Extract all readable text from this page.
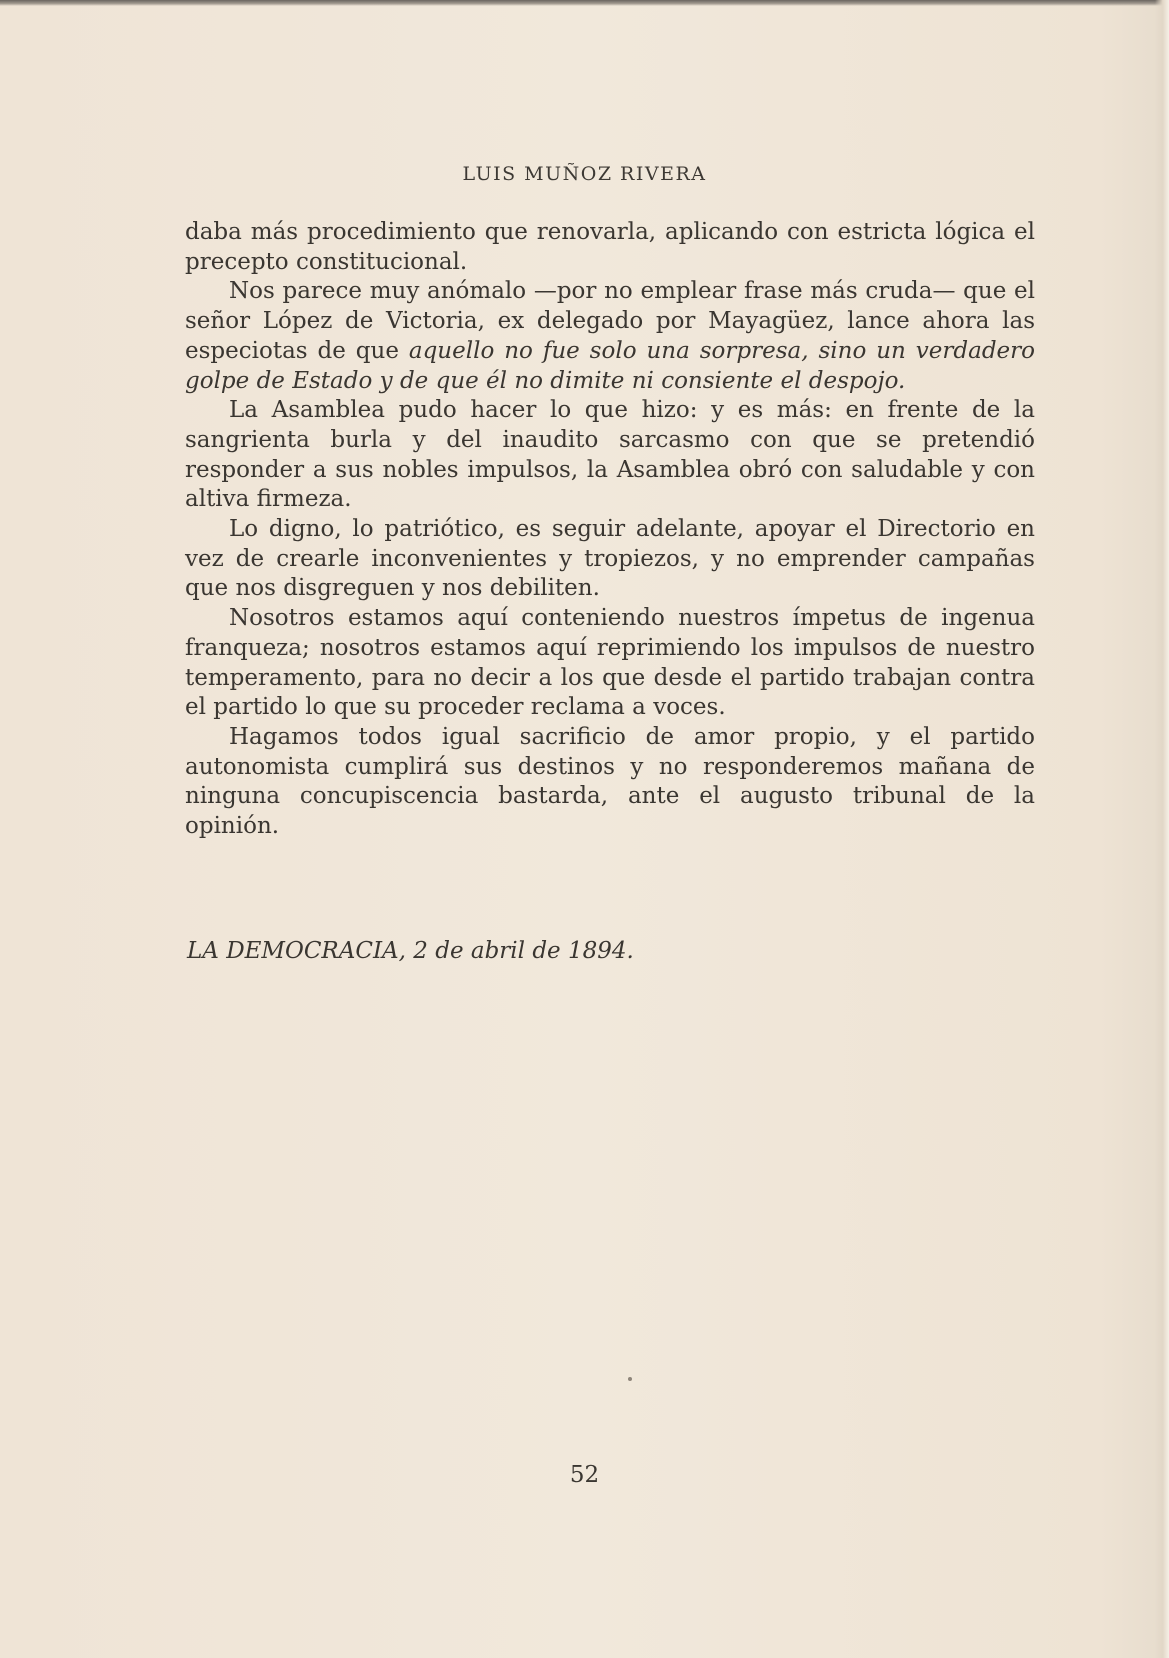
LUIS MUÑOZ RIVERA

daba más procedimiento que renovarla, aplicando con estricta lógica el precepto constitucional.

Nos parece muy anómalo —por no emplear frase más cruda— que el señor López de Victoria, ex delegado por Mayagüez, lance ahora las especiotas de que aquello no fue solo una sorpresa, sino un verdadero golpe de Estado y de que él no dimite ni consiente el despojo.

La Asamblea pudo hacer lo que hizo: y es más: en frente de la sangrienta burla y del inaudito sarcasmo con que se pretendió responder a sus nobles impulsos, la Asamblea obró con saludable y con altiva firmeza.

Lo digno, lo patriótico, es seguir adelante, apoyar el Directorio en vez de crearle inconvenientes y tropiezos, y no emprender campañas que nos disgreguen y nos debiliten.

Nosotros estamos aquí conteniendo nuestros ímpetus de ingenua franqueza; nosotros estamos aquí reprimiendo los impulsos de nuestro temperamento, para no decir a los que desde el partido trabajan contra el partido lo que su proceder reclama a voces.

Hagamos todos igual sacrificio de amor propio, y el partido autonomista cumplirá sus destinos y no responderemos mañana de ninguna concupiscencia bastarda, ante el augusto tribunal de la opinión.

LA DEMOCRACIA, 2 de abril de 1894.
52
